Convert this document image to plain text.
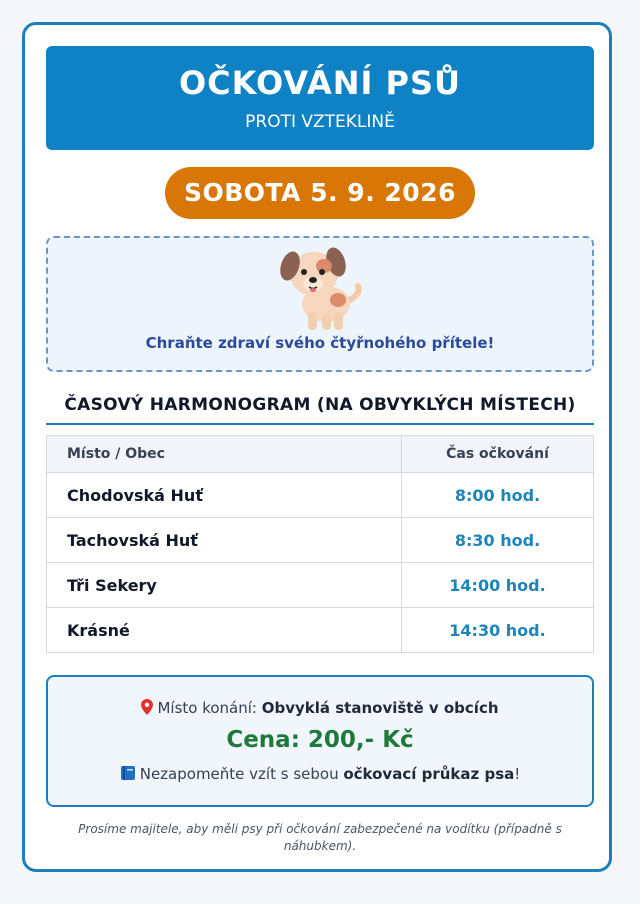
OČKOVÁNÍ PSŮ
PROTI VZTEKLINĚ
SOBOTA 5. 9. 2026
Chraňte zdraví svého čtyřnohého přítele!
ČASOVÝ HARMONOGRAM (NA OBVYKLÝCH MÍSTECH)
Místo / Obec	Čas očkování
Chodovská Huť	8:00 hod.
Tachovská Huť	8:30 hod.
Tři Sekery	14:00 hod.
Krásné	14:30 hod.
Místo konání: Obvyklá stanoviště v obcích
Cena: 200,- Kč
Nezapomeňte vzít s sebou očkovací průkaz psa!
Prosíme majitele, aby měli psy při očkování zabezpečené na vodítku (případně s náhubkem).
